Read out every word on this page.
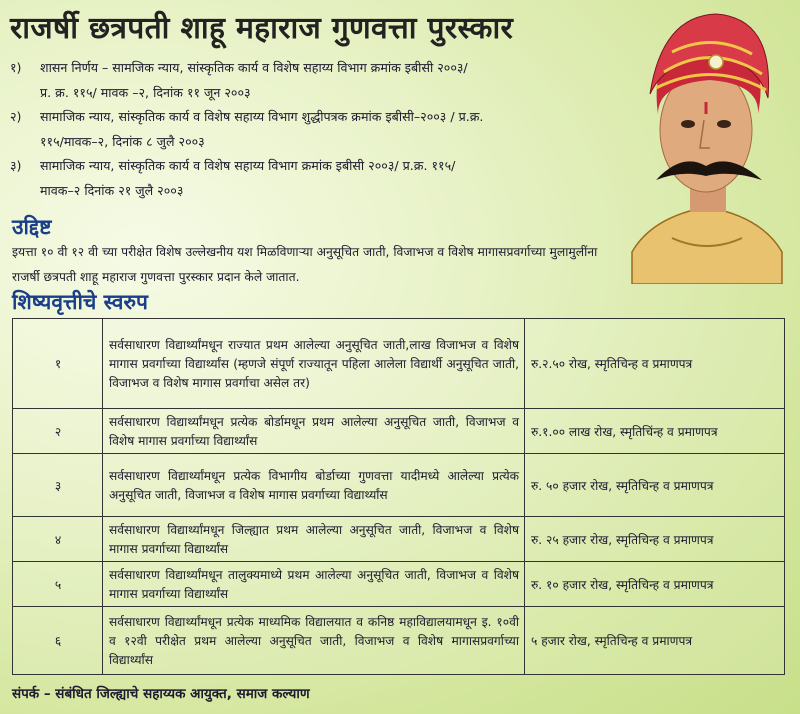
राजर्षी छत्रपती शाहू महाराज गुणवत्ता पुरस्कार
१)	शासन निर्णय – सामजिक न्याय, सांस्कृतिक कार्य व विशेष सहाय्य विभाग क्रमांक इबीसी २००३/
प्र. क्र. ११५/ मावक –२, दिनांक ११ जून २००३
२)	सामाजिक न्याय, सांस्कृतिक कार्य व विशेष सहाय्य विभाग शुद्धीपत्रक क्रमांक इबीसी–२००३ / प्र.क्र.
११५/मावक–२, दिनांक ८ जुलै २००३
३)	सामाजिक न्याय, सांस्कृतिक कार्य व विशेष सहाय्य विभाग क्रमांक इबीसी २००३/ प्र.क्र. ११५/
मावक–२ दिनांक २१ जुलै २००३
उद्दिष्ट
इयत्ता १० वी १२ वी च्या परीक्षेत विशेष उल्लेखनीय यश मिळविणाऱ्या अनुसूचित जाती, विजाभज व विशेष मागासप्रवर्गाच्या मुलामुलींना राजर्षी छत्रपती शाहू महाराज गुणवत्ता पुरस्कार प्रदान केले जातात.
शिष्यवृत्तीचे स्वरुप
१	सर्वसाधारण विद्यार्थ्यांमधून राज्यात प्रथम आलेल्या अनुसूचित जाती,लाख विजाभज व विशेष मागास प्रवर्गाच्या विद्यार्थ्यांस (म्हणजे संपूर्ण राज्यातून पहिला आलेला विद्यार्थी अनुसूचित जाती, विजाभज व विशेष मागास प्रवर्गाचा असेल तर)	रु.२.५० रोख, स्मृतिचिन्ह व प्रमाणपत्र
२	सर्वसाधारण विद्यार्थ्यांमधून प्रत्येक बोर्डामधून प्रथम आलेल्या अनुसूचित जाती, विजाभज व विशेष मागास प्रवर्गाच्या विद्यार्थ्यांस	रु.१.०० लाख रोख, स्मृतिचिंन्ह व प्रमाणपत्र
३	सर्वसाधारण विद्यार्थ्यांमधून प्रत्येक विभागीय बोर्डाच्या गुणवत्ता यादीमध्ये आलेल्या प्रत्येक अनुसूचित जाती, विजाभज व विशेष मागास प्रवर्गाच्या विद्यार्थ्यांस	रु. ५० हजार रोख, स्मृतिचिन्ह व प्रमाणपत्र
४	सर्वसाधारण विद्यार्थ्यांमधून जिल्ह्यात प्रथम आलेल्या अनुसूचित जाती, विजाभज व विशेष मागास प्रवर्गाच्या विद्यार्थ्यांस	रु. २५ हजार रोख, स्मृतिचिन्ह व प्रमाणपत्र
५	सर्वसाधारण विद्यार्थ्यांमधून तालुक्यमाध्ये प्रथम आलेल्या अनुसूचित जाती, विजाभज व विशेष मागास प्रवर्गाच्या विद्यार्थ्यांस	रु. १० हजार रोख, स्मृतिचिन्ह व प्रमाणपत्र
६	सर्वसाधारण विद्यार्थ्यांमधून प्रत्येक माध्यमिक विद्यालयात व कनिष्ठ महाविद्यालयामधून इ. १०वी व १२वी परीक्षेत प्रथम आलेल्या अनुसूचित जाती, विजाभज व विशेष मागासप्रवर्गाच्या विद्यार्थ्यांस	५ हजार रोख, स्मृतिचिन्ह व प्रमाणपत्र
संपर्क – संबंधित जिल्ह्याचे सहाय्यक आयुक्त, समाज कल्याण
